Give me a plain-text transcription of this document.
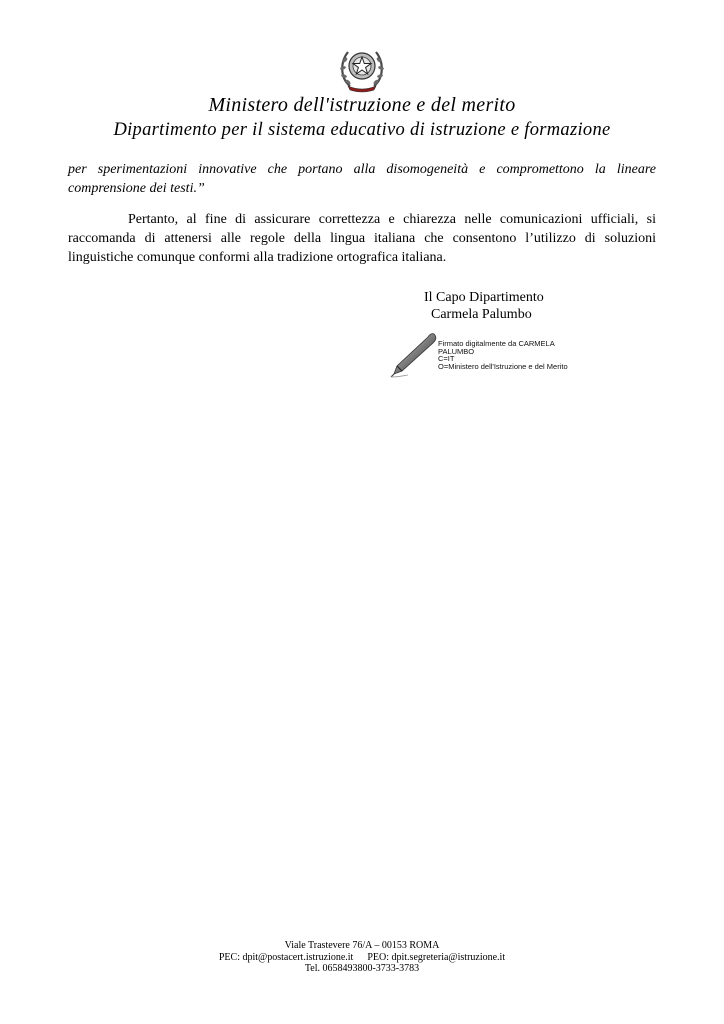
Ministero dell'istruzione e del merito
Dipartimento per il sistema educativo di istruzione e formazione
per sperimentazioni innovative che portano alla disomogeneità e compromettono la lineare
comprensione dei testi.”
Pertanto, al fine di assicurare correttezza e chiarezza nelle comunicazioni ufficiali, si raccomanda di attenersi alle regole della lingua italiana che consentono l’utilizzo di soluzioni linguistiche comunque conformi alla tradizione ortografica italiana.
Il Capo Dipartimento
Carmela Palumbo
Firmato digitalmente da CARMELA
PALUMBO
C=IT
O=Ministero dell'Istruzione e del Merito
Viale Trastevere 76/A – 00153 ROMA
PEC: dpit@postacert.istruzione.it PEO: dpit.segreteria@istruzione.it
Tel. 0658493800-3733-3783
